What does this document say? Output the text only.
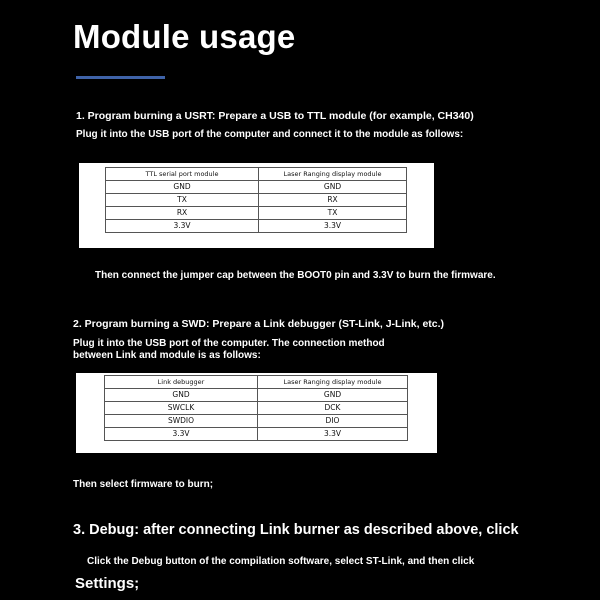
Module usage
1. Program burning a USRT: Prepare a USB to TTL module (for example, CH340)
Plug it into the USB port of the computer and connect it to the module as follows:
TTL serial port module	Laser Ranging display module
GND	GND
TX	RX
RX	TX
3.3V	3.3V
Then connect the jumper cap between the BOOT0 pin and 3.3V to burn the firmware.
2. Program burning a SWD: Prepare a Link debugger (ST-Link, J-Link, etc.)
Plug it into the USB port of the computer. The connection method
between Link and module is as follows:
Link debugger	Laser Ranging display module
GND	GND
SWCLK	DCK
SWDIO	DIO
3.3V	3.3V
Then select firmware to burn;
3. Debug: after connecting Link burner as described above, click
Click the Debug button of the compilation software, select ST-Link, and then click
Settings;
